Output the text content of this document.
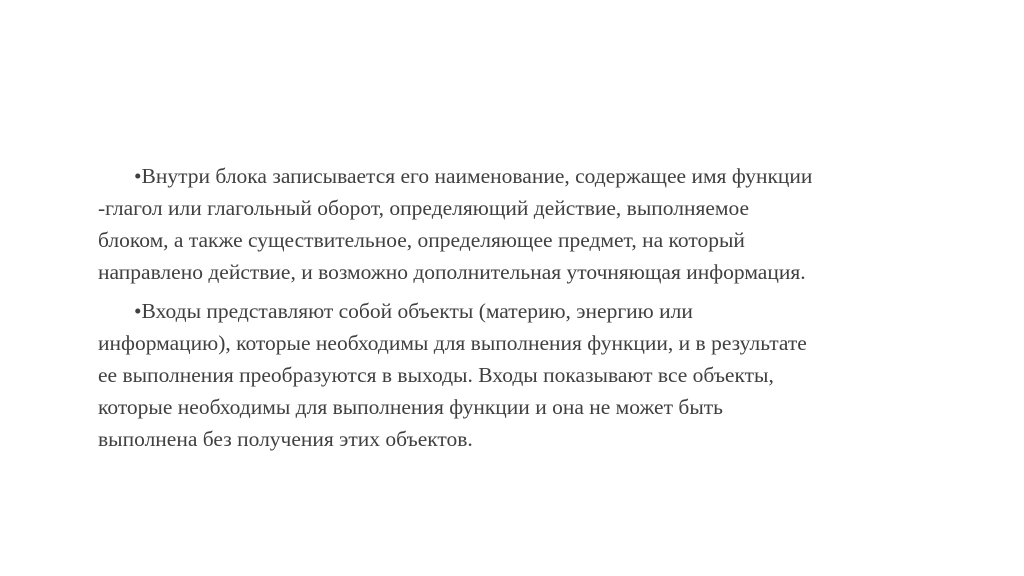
•Внутри блока записывается его наименование, содержащее имя функции
-глагол или глагольный оборот, определяющий действие, выполняемое
блоком, а также существительное, определяющее предмет, на который
направлено действие, и возможно дополнительная уточняющая информация.

•Входы представляют собой объекты (материю, энергию или
информацию), которые необходимы для выполнения функции, и в результате
ее выполнения преобразуются в выходы. Входы показывают все объекты,
которые необходимы для выполнения функции и она не может быть
выполнена без получения этих объектов.
